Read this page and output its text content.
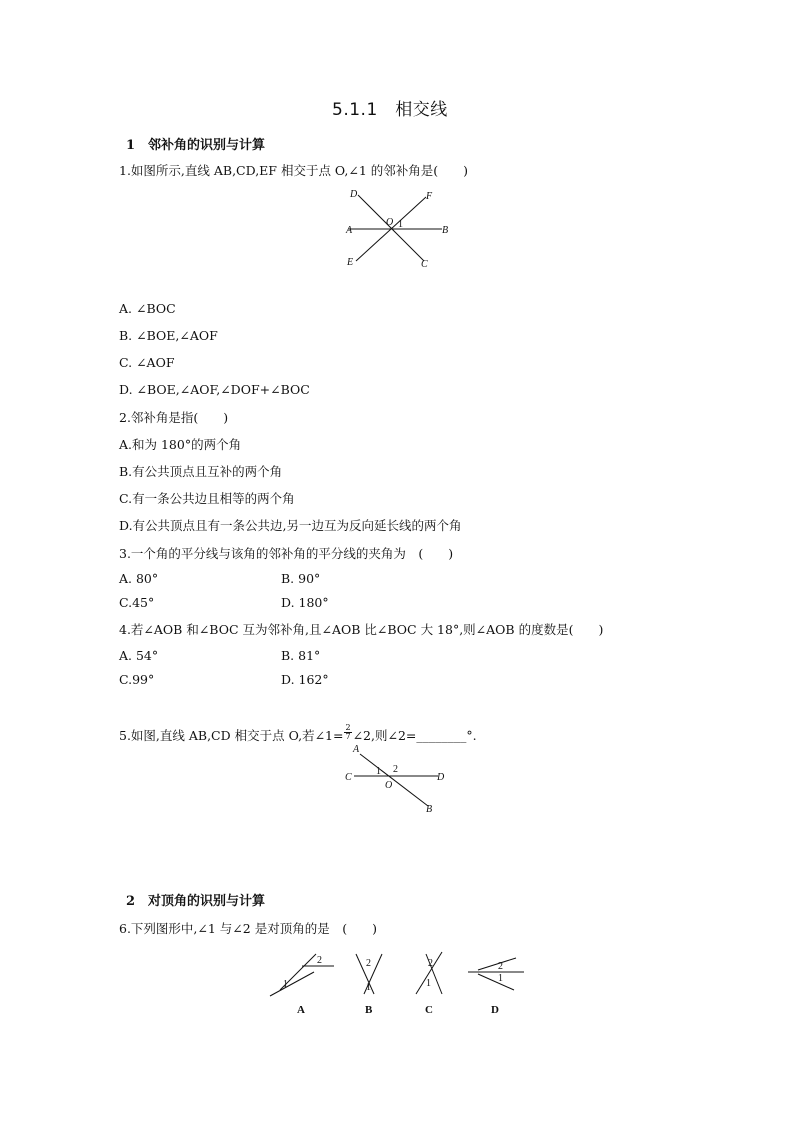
5.1.1　相交线
1　邻补角的识别与计算
1.如图所示,直线 AB,CD,EF 相交于点 O,∠1 的邻补角是(　　)
D	F
O 1
A	B
E	C
A. ∠BOC
B. ∠BOE,∠AOF
C. ∠AOF
D. ∠BOE,∠AOF,∠DOF+∠BOC
2.邻补角是指(　　)
A.和为 180°的两个角
B.有公共顶点且互补的两个角
C.有一条公共边且相等的两个角
D.有公共顶点且有一条公共边,另一边互为反向延长线的两个角
3.一个角的平分线与该角的邻补角的平分线的夹角为　(　　)
A. 80°	B. 90°
C.45°	D. 180°
4.若∠AOB 和∠BOC 互为邻补角,且∠AOB 比∠BOC 大 18°,则∠AOB 的度数是(　　)
A. 54°	B. 81°
C.99°	D. 162°
5.如图,直线 AB,CD 相交于点 O,若∠1= $\frac{2}{7}$ ∠2,则∠2=________°.
A
C
1 2
O
D
B
2　对顶角的识别与计算
6.下列图形中,∠1 与∠2 是对顶角的是　(　　)
2
1
A
2
1
B
2
1
C
2
1
D
